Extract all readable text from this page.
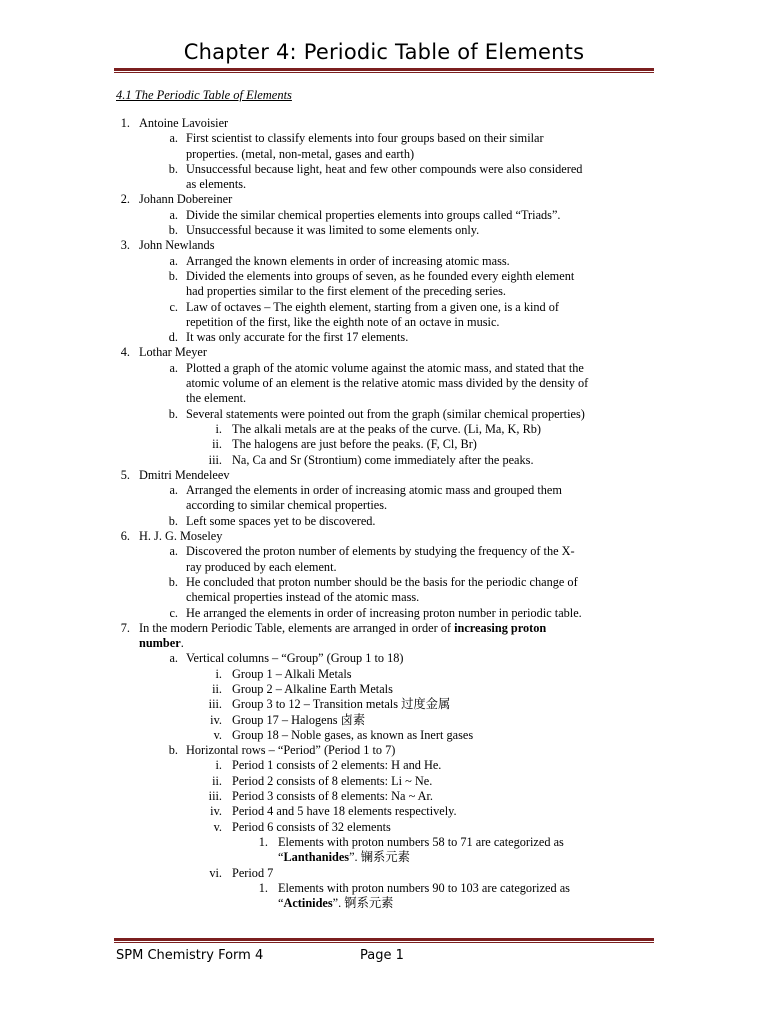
Chapter 4: Periodic Table of Elements
4.1 The Periodic Table of Elements
1. Antoine Lavoisier
a. First scientist to classify elements into four groups based on their similar
properties. (metal, non-metal, gases and earth)
b. Unsuccessful because light, heat and few other compounds were also considered
as elements.
2. Johann Dobereiner
a. Divide the similar chemical properties elements into groups called “Triads”.
b. Unsuccessful because it was limited to some elements only.
3. John Newlands
a. Arranged the known elements in order of increasing atomic mass.
b. Divided the elements into groups of seven, as he founded every eighth element
had properties similar to the first element of the preceding series.
c. Law of octaves – The eighth element, starting from a given one, is a kind of
repetition of the first, like the eighth note of an octave in music.
d. It was only accurate for the first 17 elements.
4. Lothar Meyer
a. Plotted a graph of the atomic volume against the atomic mass, and stated that the
atomic volume of an element is the relative atomic mass divided by the density of
the element.
b. Several statements were pointed out from the graph (similar chemical properties)
i. The alkali metals are at the peaks of the curve. (Li, Ma, K, Rb)
ii. The halogens are just before the peaks. (F, Cl, Br)
iii. Na, Ca and Sr (Strontium) come immediately after the peaks.
5. Dmitri Mendeleev
a. Arranged the elements in order of increasing atomic mass and grouped them
according to similar chemical properties.
b. Left some spaces yet to be discovered.
6. H. J. G. Moseley
a. Discovered the proton number of elements by studying the frequency of the X-
ray produced by each element.
b. He concluded that proton number should be the basis for the periodic change of
chemical properties instead of the atomic mass.
c. He arranged the elements in order of increasing proton number in periodic table.
7. In the modern Periodic Table, elements are arranged in order of increasing proton
number.
a. Vertical columns – “Group” (Group 1 to 18)
i. Group 1 – Alkali Metals
ii. Group 2 – Alkaline Earth Metals
iii. Group 3 to 12 – Transition metals 过度金属
iv. Group 17 – Halogens 卤素
v. Group 18 – Noble gases, as known as Inert gases
b. Horizontal rows – “Period” (Period 1 to 7)
i. Period 1 consists of 2 elements: H and He.
ii. Period 2 consists of 8 elements: Li ~ Ne.
iii. Period 3 consists of 8 elements: Na ~ Ar.
iv. Period 4 and 5 have 18 elements respectively.
v. Period 6 consists of 32 elements
1. Elements with proton numbers 58 to 71 are categorized as
“Lanthanides”. 镧系元素
vi. Period 7
1. Elements with proton numbers 90 to 103 are categorized as
“Actinides”. 锕系元素
SPM Chemistry Form 4	Page 1
